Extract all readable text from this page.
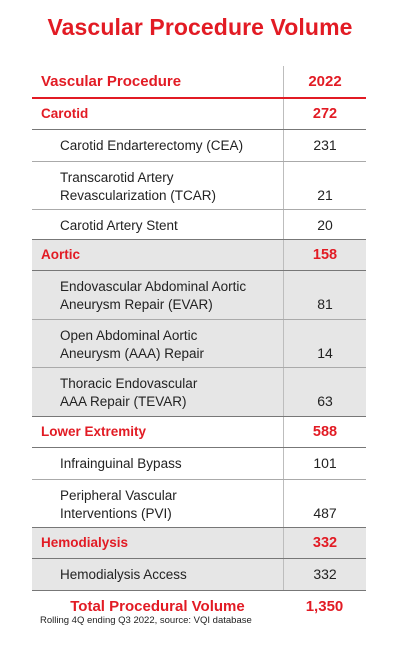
Vascular Procedure Volume
Vascular Procedure	2022
Carotid	272
Carotid Endarterectomy (CEA)	231
Transcarotid Artery
Revascularization (TCAR)	21
Carotid Artery Stent	20
Aortic	158
Endovascular Abdominal Aortic
Aneurysm Repair (EVAR)	81
Open Abdominal Aortic
Aneurysm (AAA) Repair	14
Thoracic Endovascular
AAA Repair (TEVAR)	63
Lower Extremity	588
Infrainguinal Bypass	101
Peripheral Vascular
Interventions (PVI)	487
Hemodialysis	332
Hemodialysis Access	332
Total Procedural Volume	1,350
Rolling 4Q ending Q3 2022, source: VQI database
